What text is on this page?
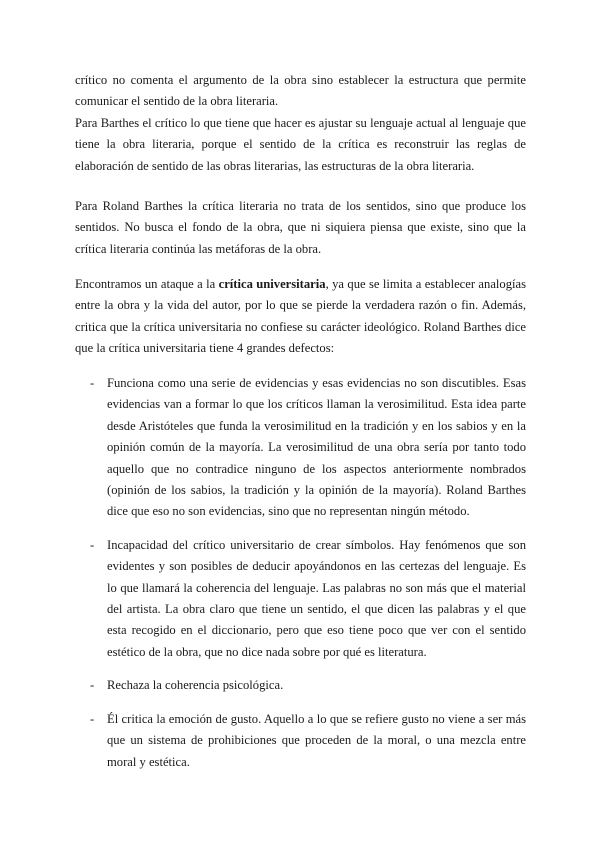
crítico no comenta el argumento de la obra sino establecer la estructura que permite comunicar el sentido de la obra literaria.

Para Barthes el crítico lo que tiene que hacer es ajustar su lenguaje actual al lenguaje que tiene la obra literaria, porque el sentido de la crítica es reconstruir las reglas de elaboración de sentido de las obras literarias, las estructuras de la obra literaria.

Para Roland Barthes la crítica literaria no trata de los sentidos, sino que produce los sentidos. No busca el fondo de la obra, que ni siquiera piensa que existe, sino que la crítica literaria continúa las metáforas de la obra.

Encontramos un ataque a la crítica universitaria, ya que se limita a establecer analogías entre la obra y la vida del autor, por lo que se pierde la verdadera razón o fin. Además, critica que la crítica universitaria no confiese su carácter ideológico. Roland Barthes dice que la crítica universitaria tiene 4 grandes defectos:

- Funciona como una serie de evidencias y esas evidencias no son discutibles. Esas evidencias van a formar lo que los críticos llaman la verosimilitud. Esta idea parte desde Aristóteles que funda la verosimilitud en la tradición y en los sabios y en la opinión común de la mayoría. La verosimilitud de una obra sería por tanto todo aquello que no contradice ninguno de los aspectos anteriormente nombrados (opinión de los sabios, la tradición y la opinión de la mayoría). Roland Barthes dice que eso no son evidencias, sino que no representan ningún método.

- Incapacidad del crítico universitario de crear símbolos. Hay fenómenos que son evidentes y son posibles de deducir apoyándonos en las certezas del lenguaje. Es lo que llamará la coherencia del lenguaje. Las palabras no son más que el material del artista. La obra claro que tiene un sentido, el que dicen las palabras y el que esta recogido en el diccionario, pero que eso tiene poco que ver con el sentido estético de la obra, que no dice nada sobre por qué es literatura.

- Rechaza la coherencia psicológica.

- Él critica la emoción de gusto. Aquello a lo que se refiere gusto no viene a ser más que un sistema de prohibiciones que proceden de la moral, o una mezcla entre moral y estética.
